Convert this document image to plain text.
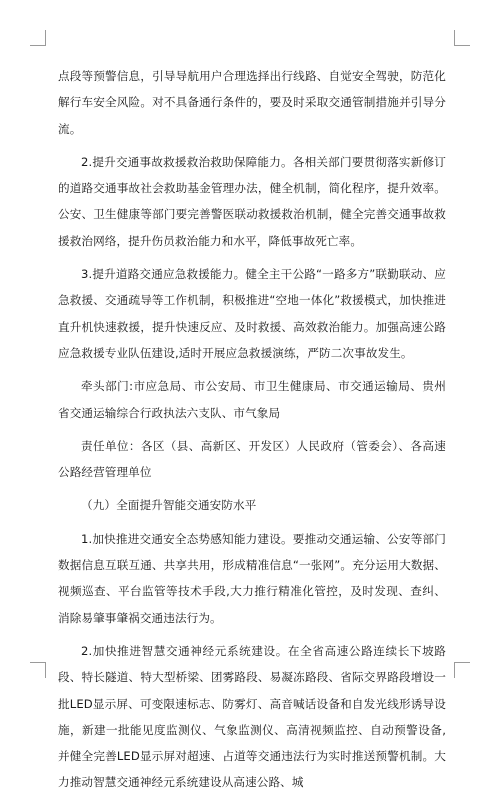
点段等预警信息，引导导航用户合理选择出行线路、自觉安全驾驶，防范化解行车安全风险。对不具备通行条件的，要及时采取交通管制措施并引导分流。

2.提升交通事故救援救治救助保障能力。各相关部门要贯彻落实新修订的道路交通事故社会救助基金管理办法，健全机制，简化程序，提升效率。公安、卫生健康等部门要完善警医联动救援救治机制，健全完善交通事故救援救治网络，提升伤员救治能力和水平，降低事故死亡率。

3.提升道路交通应急救援能力。健全主干公路“一路多方”联勤联动、应急救援、交通疏导等工作机制，积极推进“空地一体化”救援模式，加快推进直升机快速救援，提升快速反应、及时救援、高效救治能力。加强高速公路应急救援专业队伍建设,适时开展应急救援演练，严防二次事故发生。

牵头部门:市应急局、市公安局、市卫生健康局、市交通运输局、贵州省交通运输综合行政执法六支队、市气象局

责任单位：各区（县、高新区、开发区）人民政府（管委会）、各高速公路经营管理单位

（九）全面提升智能交通安防水平

1.加快推进交通安全态势感知能力建设。要推动交通运输、公安等部门数据信息互联互通、共享共用，形成精准信息“一张网”。充分运用大数据、视频巡查、平台监管等技术手段,大力推行精准化管控，及时发现、查纠、消除易肇事肇祸交通违法行为。

2.加快推进智慧交通神经元系统建设。在全省高速公路连续长下坡路段、特长隧道、特大型桥梁、团雾路段、易凝冻路段、省际交界路段增设一批LED显示屏、可变限速标志、防雾灯、高音喊话设备和自发光线形诱导设施，新建一批能见度监测仪、气象监测仪、高清视频监控、自动预警设备,并健全完善LED显示屏对超速、占道等交通违法行为实时推送预警机制。大力推动智慧交通神经元系统建设从高速公路、城
